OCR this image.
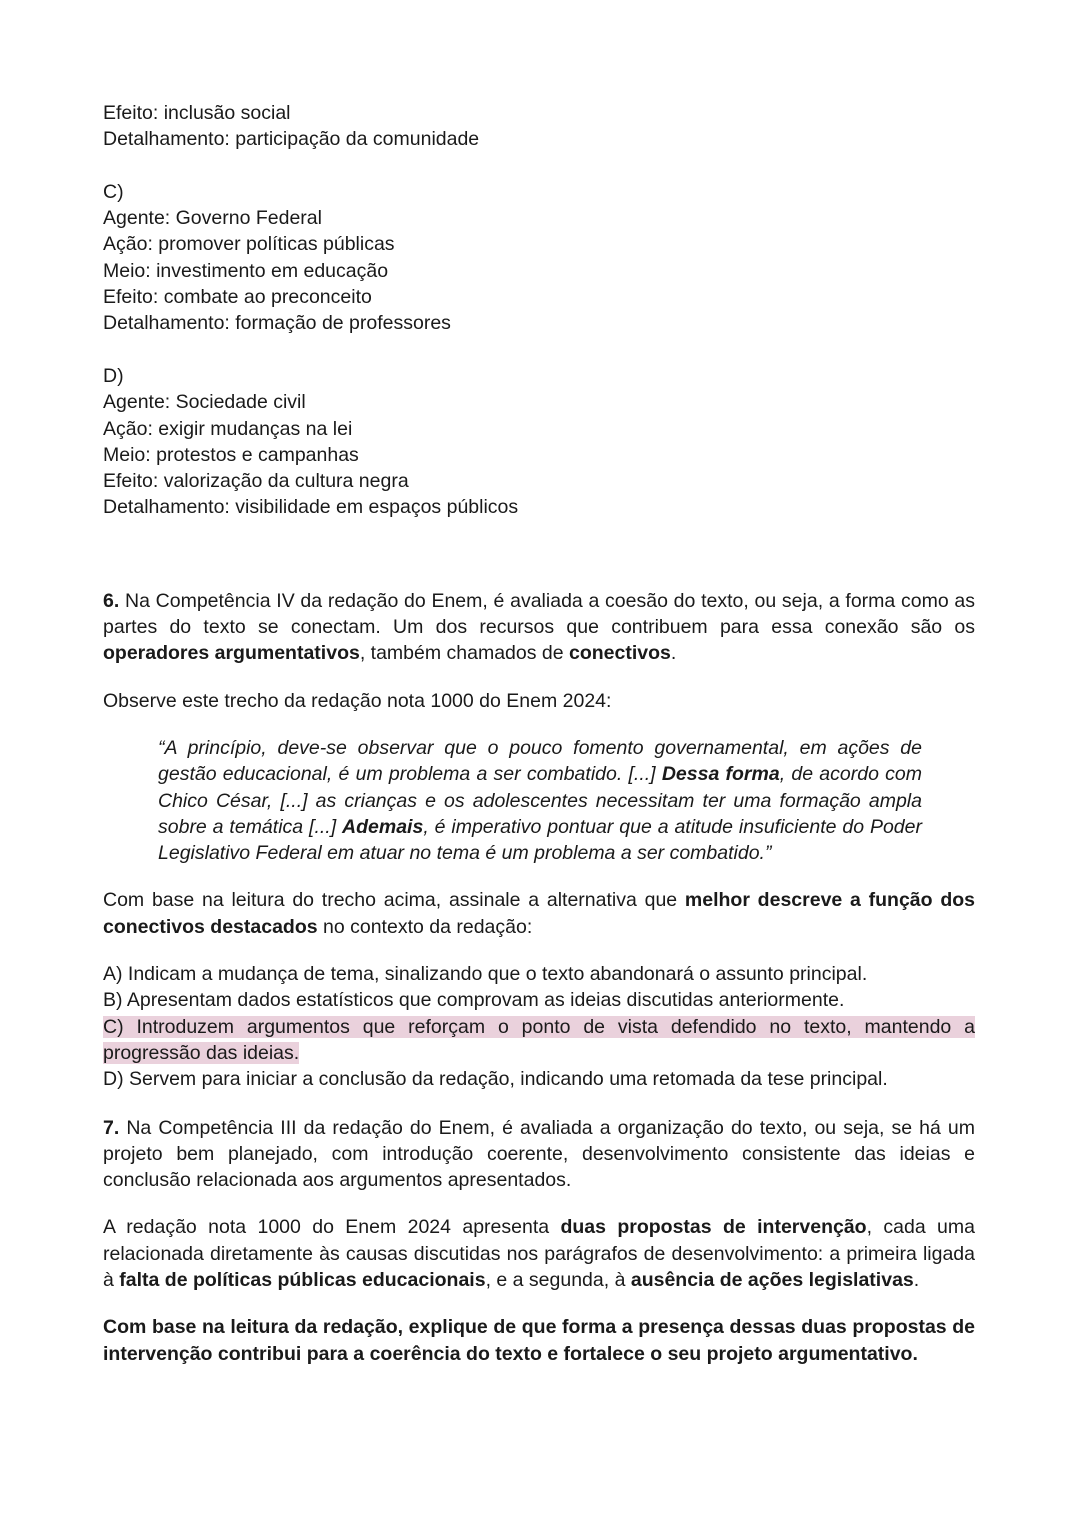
Efeito: inclusão social
Detalhamento: participação da comunidade
C)
Agente: Governo Federal
Ação: promover políticas públicas
Meio: investimento em educação
Efeito: combate ao preconceito
Detalhamento: formação de professores
D)
Agente: Sociedade civil
Ação: exigir mudanças na lei
Meio: protestos e campanhas
Efeito: valorização da cultura negra
Detalhamento: visibilidade em espaços públicos

6. Na Competência IV da redação do Enem, é avaliada a coesão do texto, ou seja, a forma como as partes do texto se conectam. Um dos recursos que contribuem para essa conexão são os operadores argumentativos, também chamados de conectivos.

Observe este trecho da redação nota 1000 do Enem 2024:

“A princípio, deve-se observar que o pouco fomento governamental, em ações de gestão educacional, é um problema a ser combatido. [...] Dessa forma, de acordo com Chico César, [...] as crianças e os adolescentes necessitam ter uma formação ampla sobre a temática [...] Ademais, é imperativo pontuar que a atitude insuficiente do Poder Legislativo Federal em atuar no tema é um problema a ser combatido.”

Com base na leitura do trecho acima, assinale a alternativa que melhor descreve a função dos conectivos destacados no contexto da redação:

A) Indicam a mudança de tema, sinalizando que o texto abandonará o assunto principal.
B) Apresentam dados estatísticos que comprovam as ideias discutidas anteriormente.
C) Introduzem argumentos que reforçam o ponto de vista defendido no texto, mantendo a progressão das ideias.
D) Servem para iniciar a conclusão da redação, indicando uma retomada da tese principal.

7. Na Competência III da redação do Enem, é avaliada a organização do texto, ou seja, se há um projeto bem planejado, com introdução coerente, desenvolvimento consistente das ideias e conclusão relacionada aos argumentos apresentados.

A redação nota 1000 do Enem 2024 apresenta duas propostas de intervenção, cada uma relacionada diretamente às causas discutidas nos parágrafos de desenvolvimento: a primeira ligada à falta de políticas públicas educacionais, e a segunda, à ausência de ações legislativas.

Com base na leitura da redação, explique de que forma a presença dessas duas propostas de intervenção contribui para a coerência do texto e fortalece o seu projeto argumentativo.
